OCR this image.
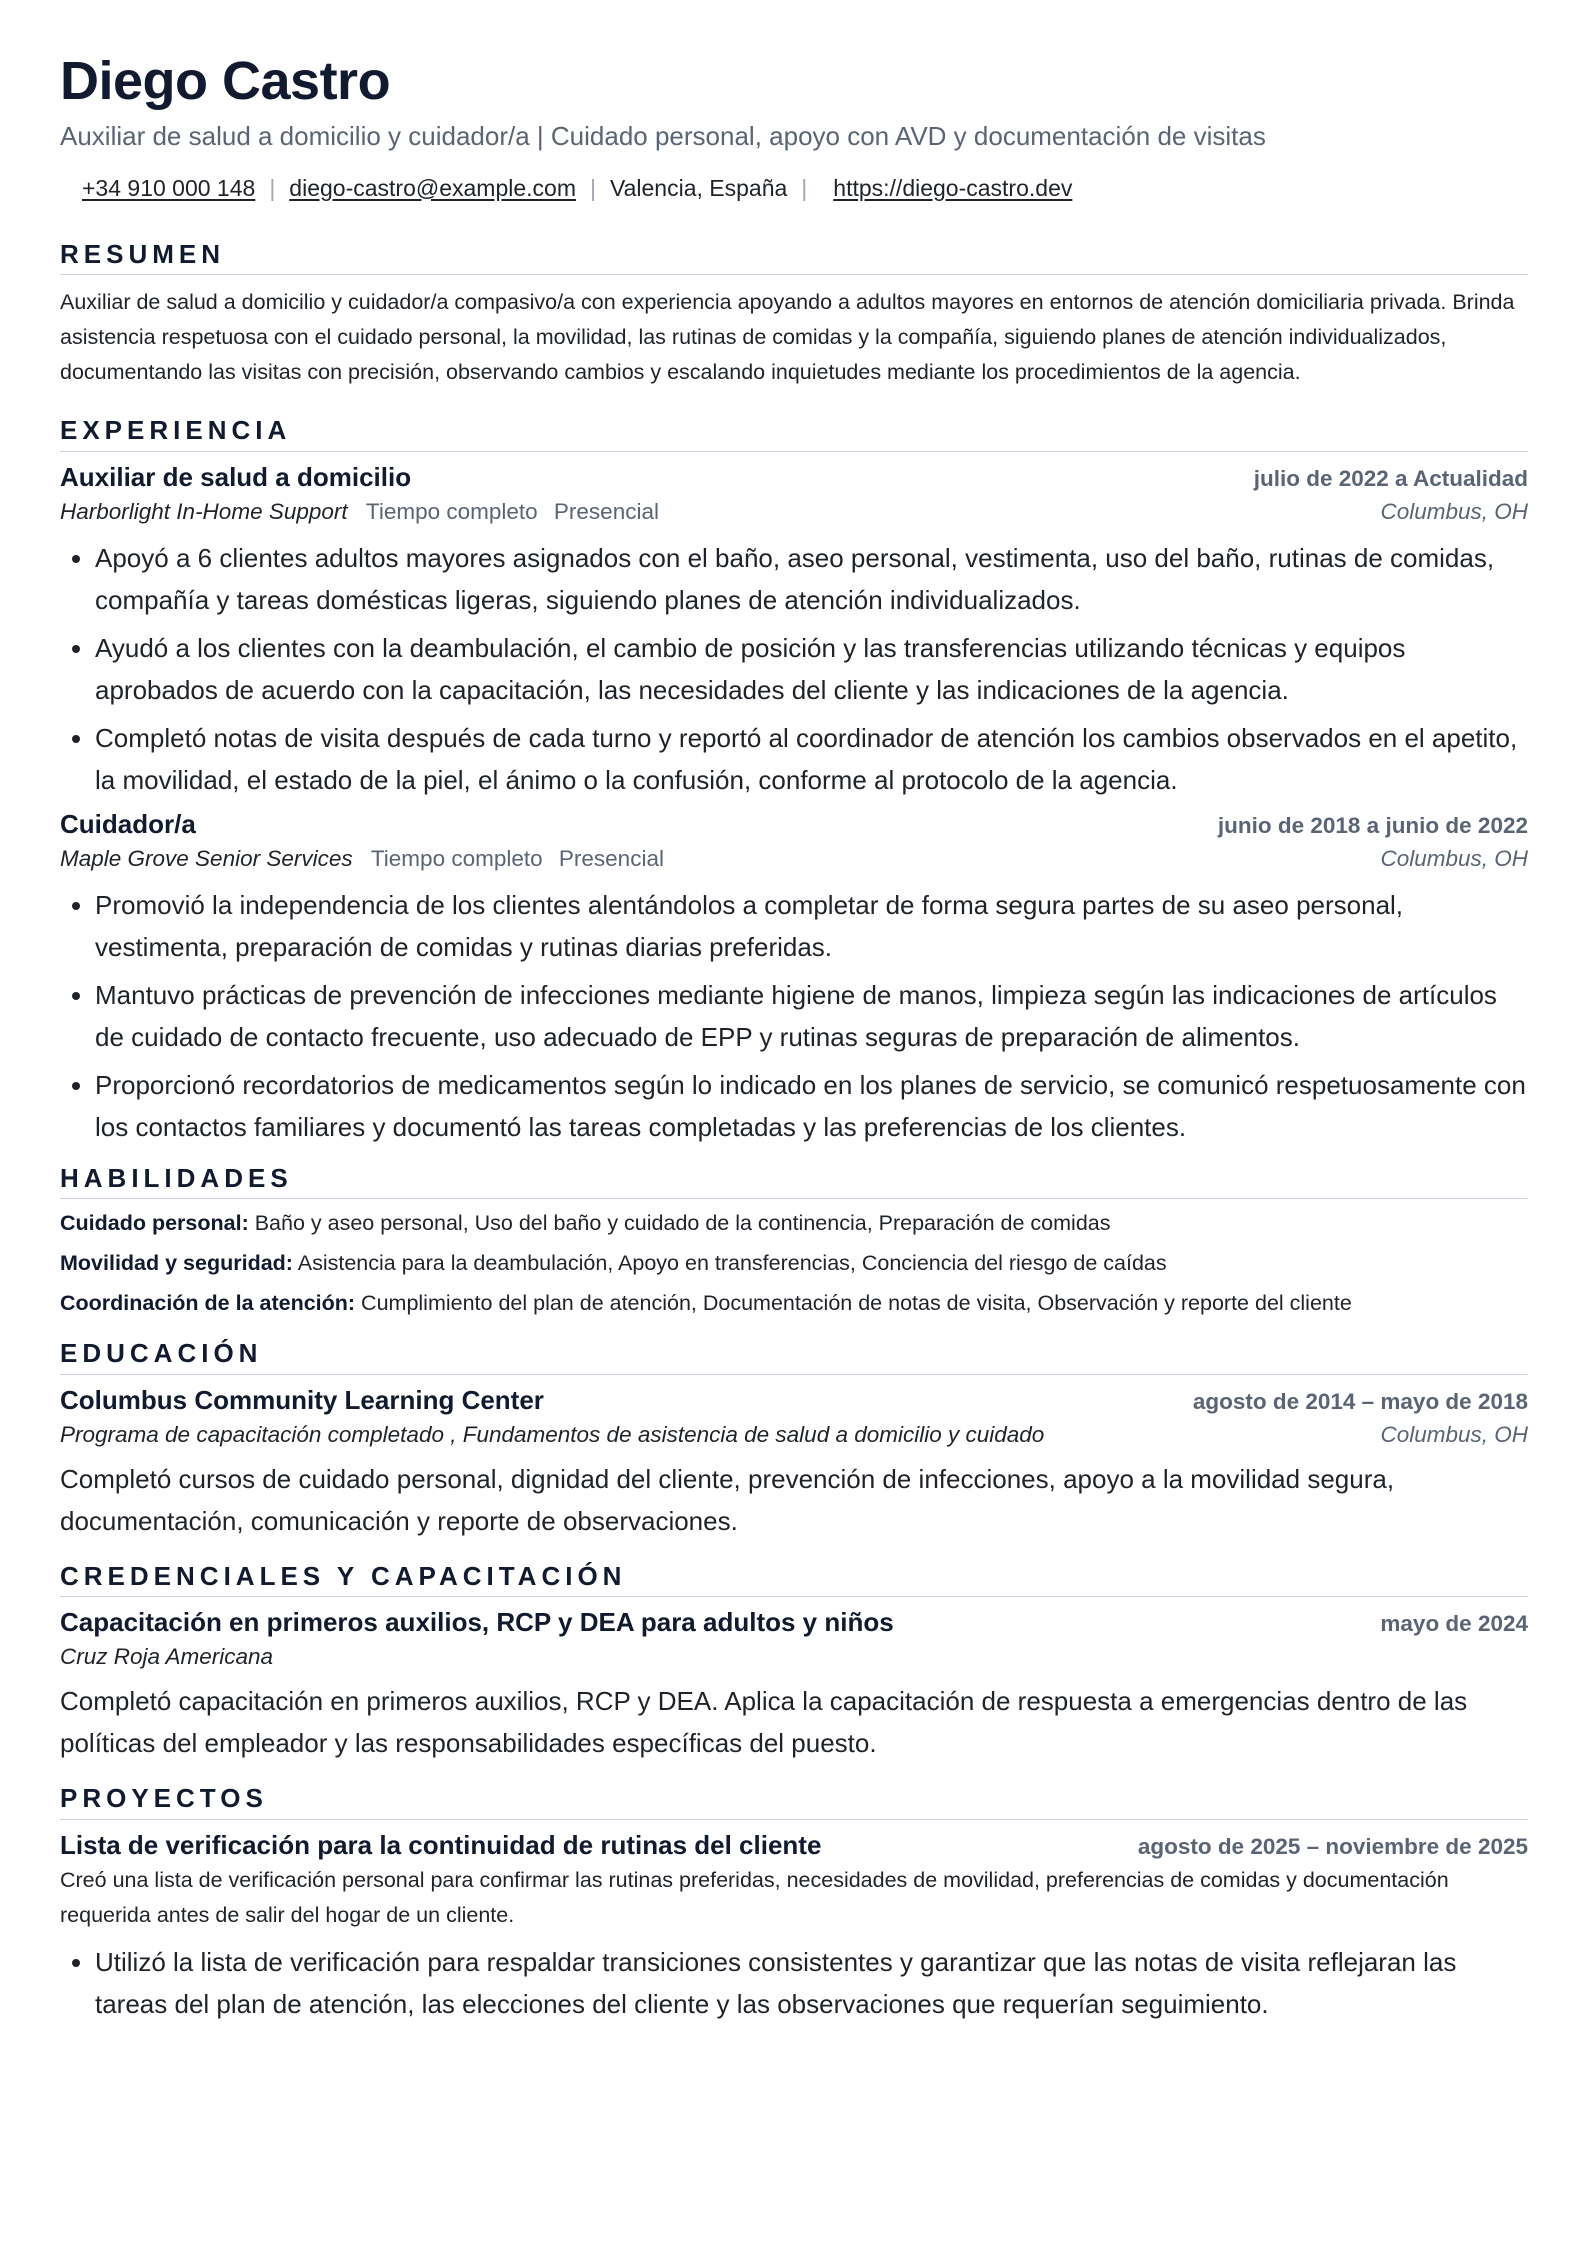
Diego Castro
Auxiliar de salud a domicilio y cuidador/a | Cuidado personal, apoyo con AVD y documentación de visitas
+34 910 000 148 | diego-castro@example.com | Valencia, España | https://diego-castro.dev
RESUMEN
Auxiliar de salud a domicilio y cuidador/a compasivo/a con experiencia apoyando a adultos mayores en entornos de atención domiciliaria privada. Brinda asistencia respetuosa con el cuidado personal, la movilidad, las rutinas de comidas y la compañía, siguiendo planes de atención individualizados, documentando las visitas con precisión, observando cambios y escalando inquietudes mediante los procedimientos de la agencia.
EXPERIENCIA
Auxiliar de salud a domicilio	julio de 2022 a Actualidad
Harborlight In-Home Support Tiempo completo Presencial	Columbus, OH
• Apoyó a 6 clientes adultos mayores asignados con el baño, aseo personal, vestimenta, uso del baño, rutinas de comidas, compañía y tareas domésticas ligeras, siguiendo planes de atención individualizados.
• Ayudó a los clientes con la deambulación, el cambio de posición y las transferencias utilizando técnicas y equipos aprobados de acuerdo con la capacitación, las necesidades del cliente y las indicaciones de la agencia.
• Completó notas de visita después de cada turno y reportó al coordinador de atención los cambios observados en el apetito, la movilidad, el estado de la piel, el ánimo o la confusión, conforme al protocolo de la agencia.
Cuidador/a	junio de 2018 a junio de 2022
Maple Grove Senior Services Tiempo completo Presencial	Columbus, OH
• Promovió la independencia de los clientes alentándolos a completar de forma segura partes de su aseo personal, vestimenta, preparación de comidas y rutinas diarias preferidas.
• Mantuvo prácticas de prevención de infecciones mediante higiene de manos, limpieza según las indicaciones de artículos de cuidado de contacto frecuente, uso adecuado de EPP y rutinas seguras de preparación de alimentos.
• Proporcionó recordatorios de medicamentos según lo indicado en los planes de servicio, se comunicó respetuosamente con los contactos familiares y documentó las tareas completadas y las preferencias de los clientes.
HABILIDADES
Cuidado personal: Baño y aseo personal, Uso del baño y cuidado de la continencia, Preparación de comidas
Movilidad y seguridad: Asistencia para la deambulación, Apoyo en transferencias, Conciencia del riesgo de caídas
Coordinación de la atención: Cumplimiento del plan de atención, Documentación de notas de visita, Observación y reporte del cliente
EDUCACIÓN
Columbus Community Learning Center	agosto de 2014 – mayo de 2018
Programa de capacitación completado , Fundamentos de asistencia de salud a domicilio y cuidado	Columbus, OH
Completó cursos de cuidado personal, dignidad del cliente, prevención de infecciones, apoyo a la movilidad segura, documentación, comunicación y reporte de observaciones.
CREDENCIALES Y CAPACITACIÓN
Capacitación en primeros auxilios, RCP y DEA para adultos y niños	mayo de 2024
Cruz Roja Americana
Completó capacitación en primeros auxilios, RCP y DEA. Aplica la capacitación de respuesta a emergencias dentro de las políticas del empleador y las responsabilidades específicas del puesto.
PROYECTOS
Lista de verificación para la continuidad de rutinas del cliente	agosto de 2025 – noviembre de 2025
Creó una lista de verificación personal para confirmar las rutinas preferidas, necesidades de movilidad, preferencias de comidas y documentación requerida antes de salir del hogar de un cliente.
• Utilizó la lista de verificación para respaldar transiciones consistentes y garantizar que las notas de visita reflejaran las tareas del plan de atención, las elecciones del cliente y las observaciones que requerían seguimiento.
